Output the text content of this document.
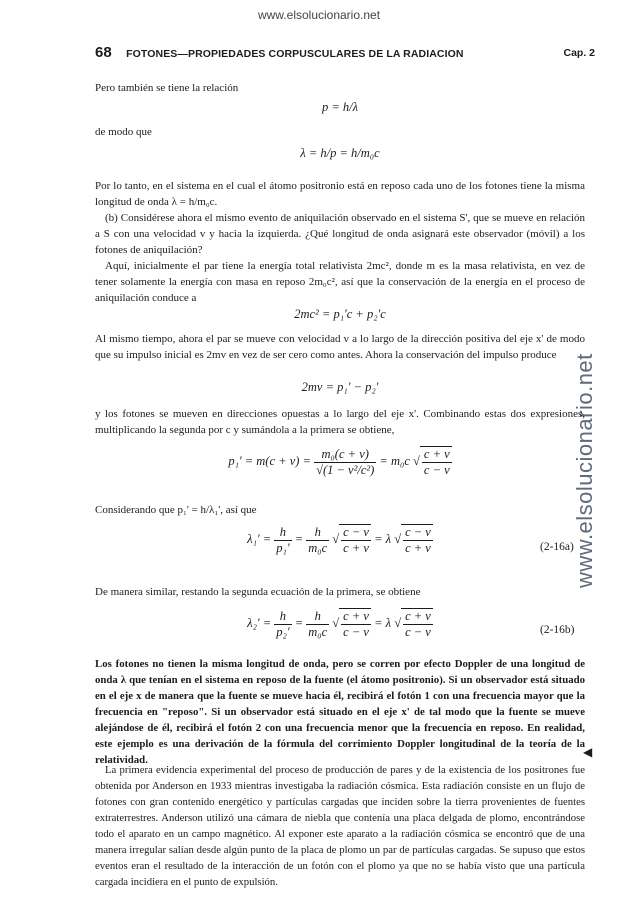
www.elsolucionario.net
68 FOTONES—PROPIEDADES CORPUSCULARES DE LA RADIACION	Cap. 2
www.elsolucionario.net
Pero también se tiene la relación
p = h/λ
de modo que
λ = h/p = h/m₀c
Por lo tanto, en el sistema en el cual el átomo positronio está en reposo cada uno de los fotones tiene la misma longitud de onda λ = h/m₀c.
(b) Considérese ahora el mismo evento de aniquilación observado en el sistema S', que se mueve en relación a S con una velocidad v y hacia la izquierda. ¿Qué longitud de onda asignará este observador (móvil) a los fotones de aniquilación?
Aquí, inicialmente el par tiene la energía total relativista 2mc², donde m es la masa relativista, en vez de tener solamente la energía con masa en reposo 2m₀c², así que la conservación de la energía en el proceso de aniquilación conduce a
2mc² = p₁'c + p₂'c
Al mismo tiempo, ahora el par se mueve con velocidad v a lo largo de la dirección positiva del eje x' de modo que su impulso inicial es 2mv en vez de ser cero como antes. Ahora la conservación del impulso produce
2mv = p₁' − p₂'
y los fotones se mueven en direcciones opuestas a lo largo del eje x'. Combinando estas dos expresiones, multiplicando la segunda por c y sumándola a la primera se obtiene,
$p_1' = m(c + v) = \frac{\text{m₀(c + v)}}{\text{√(1 − v²/c²)}} = m_0c$ √ $\frac{c + v}{c - v}$
Considerando que p₁' = h/λ₁', así que
$\lambda_1' = \frac{h}{\text{p₁'}} = \frac{h}{\text{m₀c}}$ √ $\frac{c - v}{c + v} = \lambda$ √ $\frac{c - v}{c + v}$	(2-16a)
De manera similar, restando la segunda ecuación de la primera, se obtiene
$\lambda_2' = \frac{h}{\text{p₂'}} = \frac{h}{\text{m₀c}}$ √ $\frac{c + v}{c - v} = \lambda$ √ $\frac{c + v}{c - v}$	(2-16b)
Los fotones no tienen la misma longitud de onda, pero se corren por efecto Doppler de una longitud de onda λ que tenían en el sistema en reposo de la fuente (el átomo positronio). Si un observador está situado en el eje x de manera que la fuente se mueve hacia él, recibirá el fotón 1 con una frecuencia mayor que la frecuencia en "reposo". Si un observador está situado en el eje x' de tal modo que la fuente se mueve alejándose de él, recibirá el fotón 2 con una frecuencia menor que la frecuencia en reposo. En realidad, este ejemplo es una derivación de la fórmula del corrimiento Doppler longitudinal de la teoría de la relatividad.
◀
La primera evidencia experimental del proceso de producción de pares y de la existencia de los positrones fue obtenida por Anderson en 1933 mientras investigaba la radiación cósmica. Esta radiación consiste en un flujo de fotones con gran contenido energético y partículas cargadas que inciden sobre la tierra provenientes de fuentes extraterrestres. Anderson utilizó una cámara de niebla que contenía una placa delgada de plomo, encontrándose todo el aparato en un campo magnético. Al exponer este aparato a la radiación cósmica se encontró que de una manera irregular salían desde algún punto de la placa de plomo un par de partículas cargadas. Se supuso que estos eventos eran el resultado de la interacción de un fotón con el plomo ya que no se había visto que una partícula cargada incidiera en el punto de expulsión.
